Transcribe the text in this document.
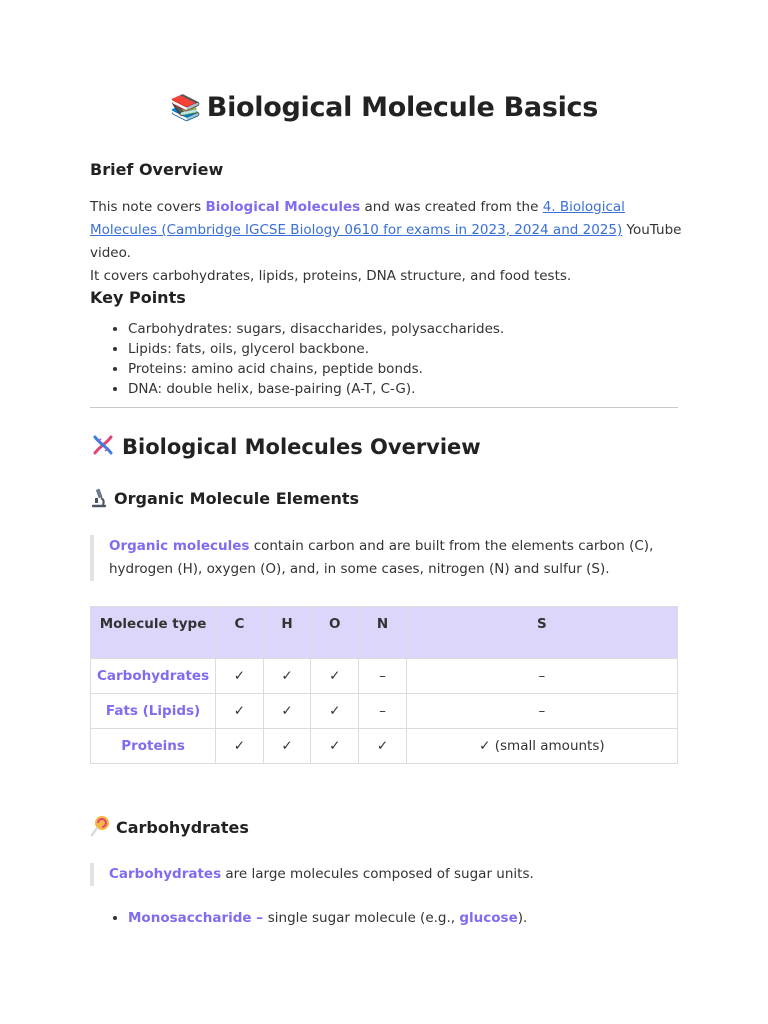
📚 Biological Molecule Basics
Brief Overview
This note covers Biological Molecules and was created from the 4. Biological Molecules (Cambridge IGCSE Biology 0610 for exams in 2023, 2024 and 2025) YouTube video.
It covers carbohydrates, lipids, proteins, DNA structure, and food tests.
Key Points
• Carbohydrates: sugars, disaccharides, polysaccharides.
• Lipids: fats, oils, glycerol backbone.
• Proteins: amino acid chains, peptide bonds.
• DNA: double helix, base-pairing (A-T, C-G).
Biological Molecules Overview
Organic Molecule Elements
Organic molecules contain carbon and are built from the elements carbon (C), hydrogen (H), oxygen (O), and, in some cases, nitrogen (N) and sulfur (S).
Molecule type	C	H	O	N	S
Carbohydrates	✓	✓	✓	–	–
Fats (Lipids)	✓	✓	✓	–	–
Proteins	✓	✓	✓	✓	✓ (small amounts)
Carbohydrates
Carbohydrates are large molecules composed of sugar units.
• Monosaccharide – single sugar molecule (e.g., glucose).
